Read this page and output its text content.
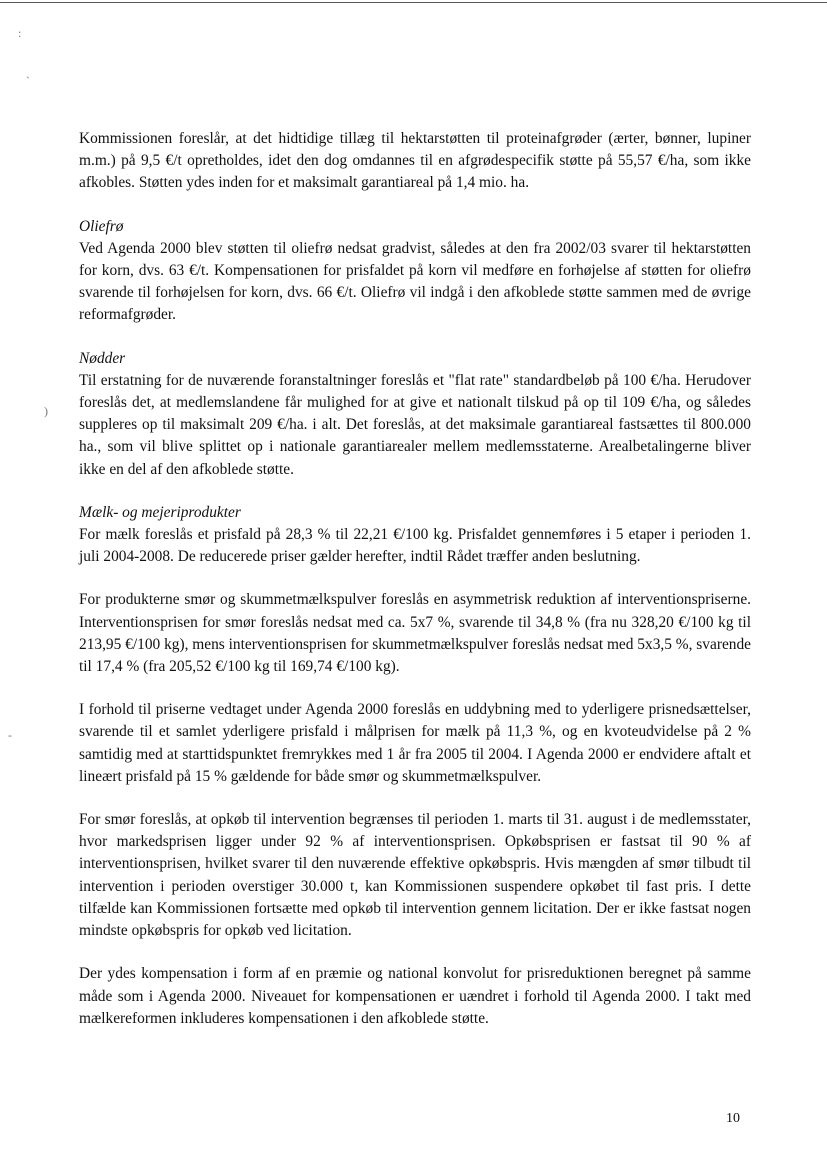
:
ˋ
)
-

Kommissionen foreslår, at det hidtidige tillæg til hektarstøtten til proteinafgrøder (ærter, bønner, lupiner m.m.) på 9,5 €/t opretholdes, idet den dog omdannes til en afgrødespecifik støtte på 55,57 €/ha, som ikke afkobles. Støtten ydes inden for et maksimalt garantiareal på 1,4 mio. ha.

Oliefrø

Ved Agenda 2000 blev støtten til oliefrø nedsat gradvist, således at den fra 2002/03 svarer til hektarstøtten for korn, dvs. 63 €/t. Kompensationen for prisfaldet på korn vil medføre en forhøjelse af støtten for oliefrø svarende til forhøjelsen for korn, dvs. 66 €/t. Oliefrø vil indgå i den afkoblede støtte sammen med de øvrige reformafgrøder.

Nødder

Til erstatning for de nuværende foranstaltninger foreslås et "flat rate" standardbeløb på 100 €/ha. Herudover foreslås det, at medlemslandene får mulighed for at give et nationalt tilskud på op til 109 €/ha, og således suppleres op til maksimalt 209 €/ha. i alt. Det foreslås, at det maksimale garantiareal fastsættes til 800.000 ha., som vil blive splittet op i nationale garantiarealer mellem medlemsstaterne. Arealbetalingerne bliver ikke en del af den afkoblede støtte.

Mælk- og mejeriprodukter

For mælk foreslås et prisfald på 28,3 % til 22,21 €/100 kg. Prisfaldet gennemføres i 5 etaper i perioden 1. juli 2004-2008. De reducerede priser gælder herefter, indtil Rådet træffer anden beslutning.

For produkterne smør og skummetmælkspulver foreslås en asymmetrisk reduktion af interventionspriserne. Interventionsprisen for smør foreslås nedsat med ca. 5x7 %, svarende til 34,8 % (fra nu 328,20 €/100 kg til 213,95 €/100 kg), mens interventionsprisen for skummetmælkspulver foreslås nedsat med 5x3,5 %, svarende til 17,4 % (fra 205,52 €/100 kg til 169,74 €/100 kg).

I forhold til priserne vedtaget under Agenda 2000 foreslås en uddybning med to yderligere prisnedsættelser, svarende til et samlet yderligere prisfald i målprisen for mælk på 11,3 %, og en kvoteudvidelse på 2 % samtidig med at starttidspunktet fremrykkes med 1 år fra 2005 til 2004. I Agenda 2000 er endvidere aftalt et lineært prisfald på 15 % gældende for både smør og skummetmælkspulver.

For smør foreslås, at opkøb til intervention begrænses til perioden 1. marts til 31. august i de medlemsstater, hvor markedsprisen ligger under 92 % af interventionsprisen. Opkøbsprisen er fastsat til 90 % af interventionsprisen, hvilket svarer til den nuværende effektive opkøbspris. Hvis mængden af smør tilbudt til intervention i perioden overstiger 30.000 t, kan Kommissionen suspendere opkøbet til fast pris. I dette tilfælde kan Kommissionen fortsætte med opkøb til intervention gennem licitation. Der er ikke fastsat nogen mindste opkøbspris for opkøb ved licitation.

Der ydes kompensation i form af en præmie og national konvolut for prisreduktionen beregnet på samme måde som i Agenda 2000. Niveauet for kompensationen er uændret i forhold til Agenda 2000. I takt med mælkereformen inkluderes kompensationen i den afkoblede støtte.

10
